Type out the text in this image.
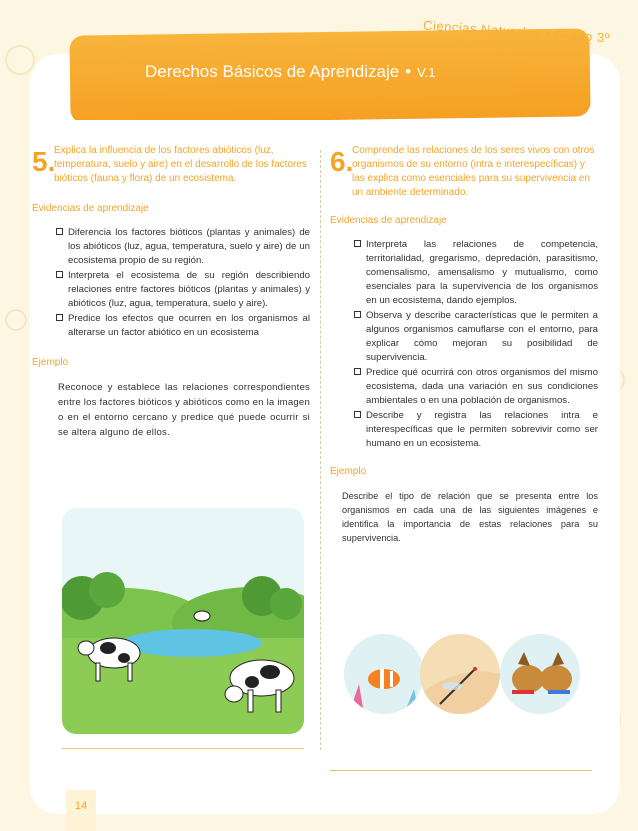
Ciencias Naturales • Grado 3º
Derechos Básicos de Aprendizaje • V.1
5.
Explica la influencia de los factores abióticos (luz, temperatura, suelo y aire) en el desarrollo de los factores bióticos (fauna y flora) de un ecosistema.
Evidencias de aprendizaje
Diferencia los factores bióticos (plantas y animales) de los abióticos (luz, agua, temperatura, suelo y aire) de un ecosistema propio de su región.
Interpreta el ecosistema de su región describiendo relaciones entre factores bióticos (plantas y animales) y abióticos (luz, agua, temperatura, suelo y aire).
Predice los efectos que ocurren en los organismos al alterarse un factor abiótico en un ecosistema
Ejemplo
Reconoce y establece las relaciones correspondientes entre los factores bióticos y abióticos como en la imagen o en el entorno cercano y predice qué puede ocurrir si se altera alguno de ellos.
6.
Comprende las relaciones de los seres vivos con otros organismos de su entorno (intra e interespecíficas) y las explica como esenciales para su supervivencia en un ambiente determinado.
Evidencias de aprendizaje
Interpreta las relaciones de competencia, territorialidad, gregarismo, depredación, parasitismo, comensalismo, amensalismo y mutualismo, como esenciales para la supervivencia de los organismos en un ecosistema, dando ejemplos.
Observa y describe características que le permiten a algunos organismos camuflarse con el entorno, para explicar cómo mejoran su posibilidad de supervivencia.
Predice qué ocurrirá con otros organismos del mismo ecosistema, dada una variación en sus condiciones ambientales o en una población de organismos.
Describe y registra las relaciones intra e interespecíficas que le permiten sobrevivir como ser humano en un ecosistema.
Ejemplo
Describe el tipo de relación que se presenta entre los organismos en cada una de las siguientes imágenes e identifica la importancia de estas relaciones para su supervivencia.
14
